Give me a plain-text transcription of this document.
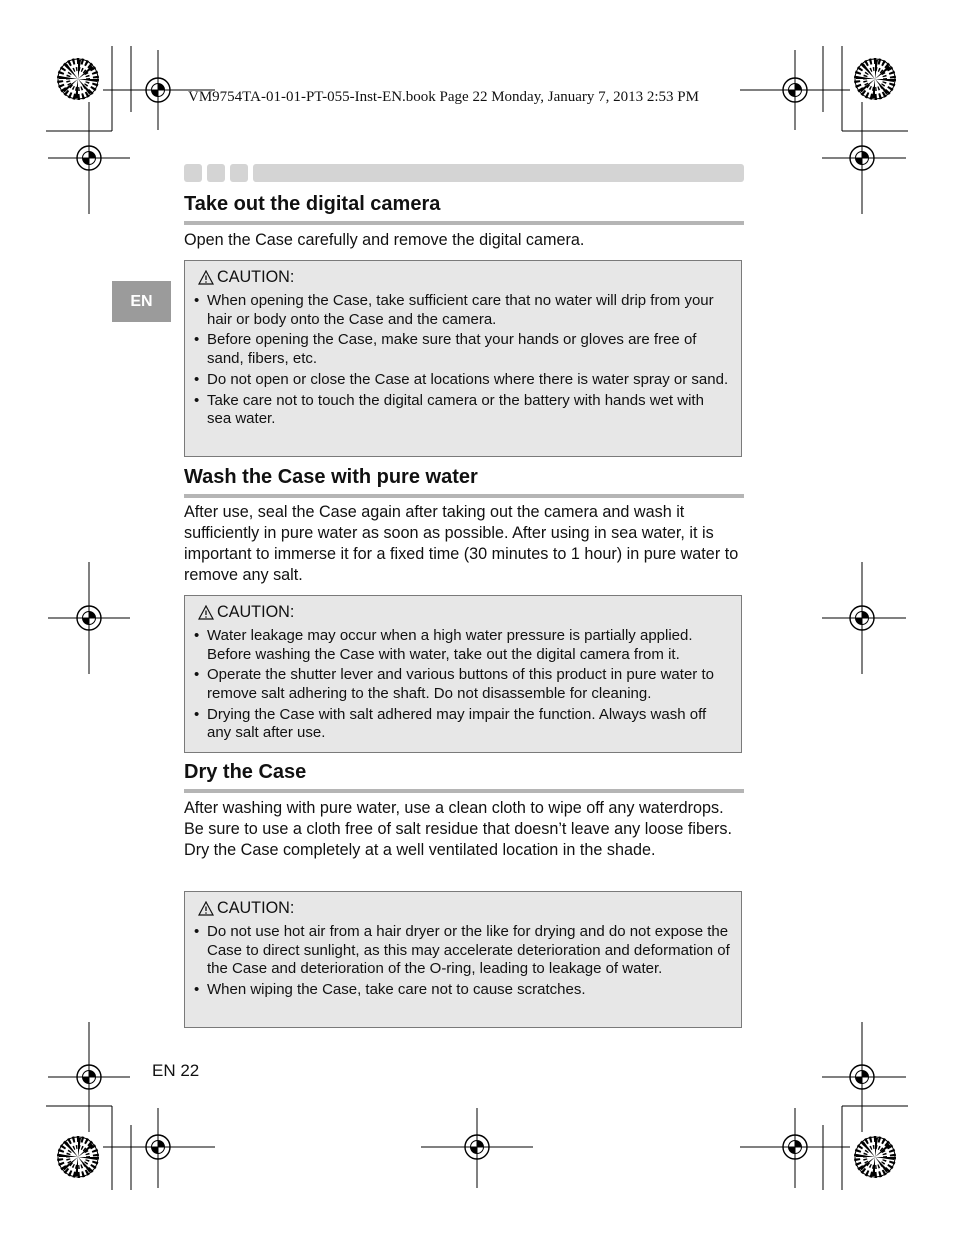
VM9754TA-01-01-PT-055-Inst-EN.book Page 22 Monday, January 7, 2013 2:53 PM
EN
Take out the digital camera
Open the Case carefully and remove the digital camera.
CAUTION:
• When opening the Case, take sufficient care that no water will drip from your hair or body onto the Case and the camera.
• Before opening the Case, make sure that your hands or gloves are free of sand, fibers, etc.
• Do not open or close the Case at locations where there is water spray or sand.
• Take care not to touch the digital camera or the battery with hands wet with sea water.
Wash the Case with pure water
After use, seal the Case again after taking out the camera and wash it sufficiently in pure water as soon as possible. After using in sea water, it is important to immerse it for a fixed time (30 minutes to 1 hour) in pure water to remove any salt.
CAUTION:
• Water leakage may occur when a high water pressure is partially applied. Before washing the Case with water, take out the digital camera from it.
• Operate the shutter lever and various buttons of this product in pure water to remove salt adhering to the shaft. Do not disassemble for cleaning.
• Drying the Case with salt adhered may impair the function. Always wash off any salt after use.
Dry the Case
After washing with pure water, use a clean cloth to wipe off any waterdrops. Be sure to use a cloth free of salt residue that doesn’t leave any loose fibers. Dry the Case completely at a well ventilated location in the shade.
CAUTION:
• Do not use hot air from a hair dryer or the like for drying and do not expose the Case to direct sunlight, as this may accelerate deterioration and deformation of the Case and deterioration of the O-ring, leading to leakage of water.
• When wiping the Case, take care not to cause scratches.
EN 22
